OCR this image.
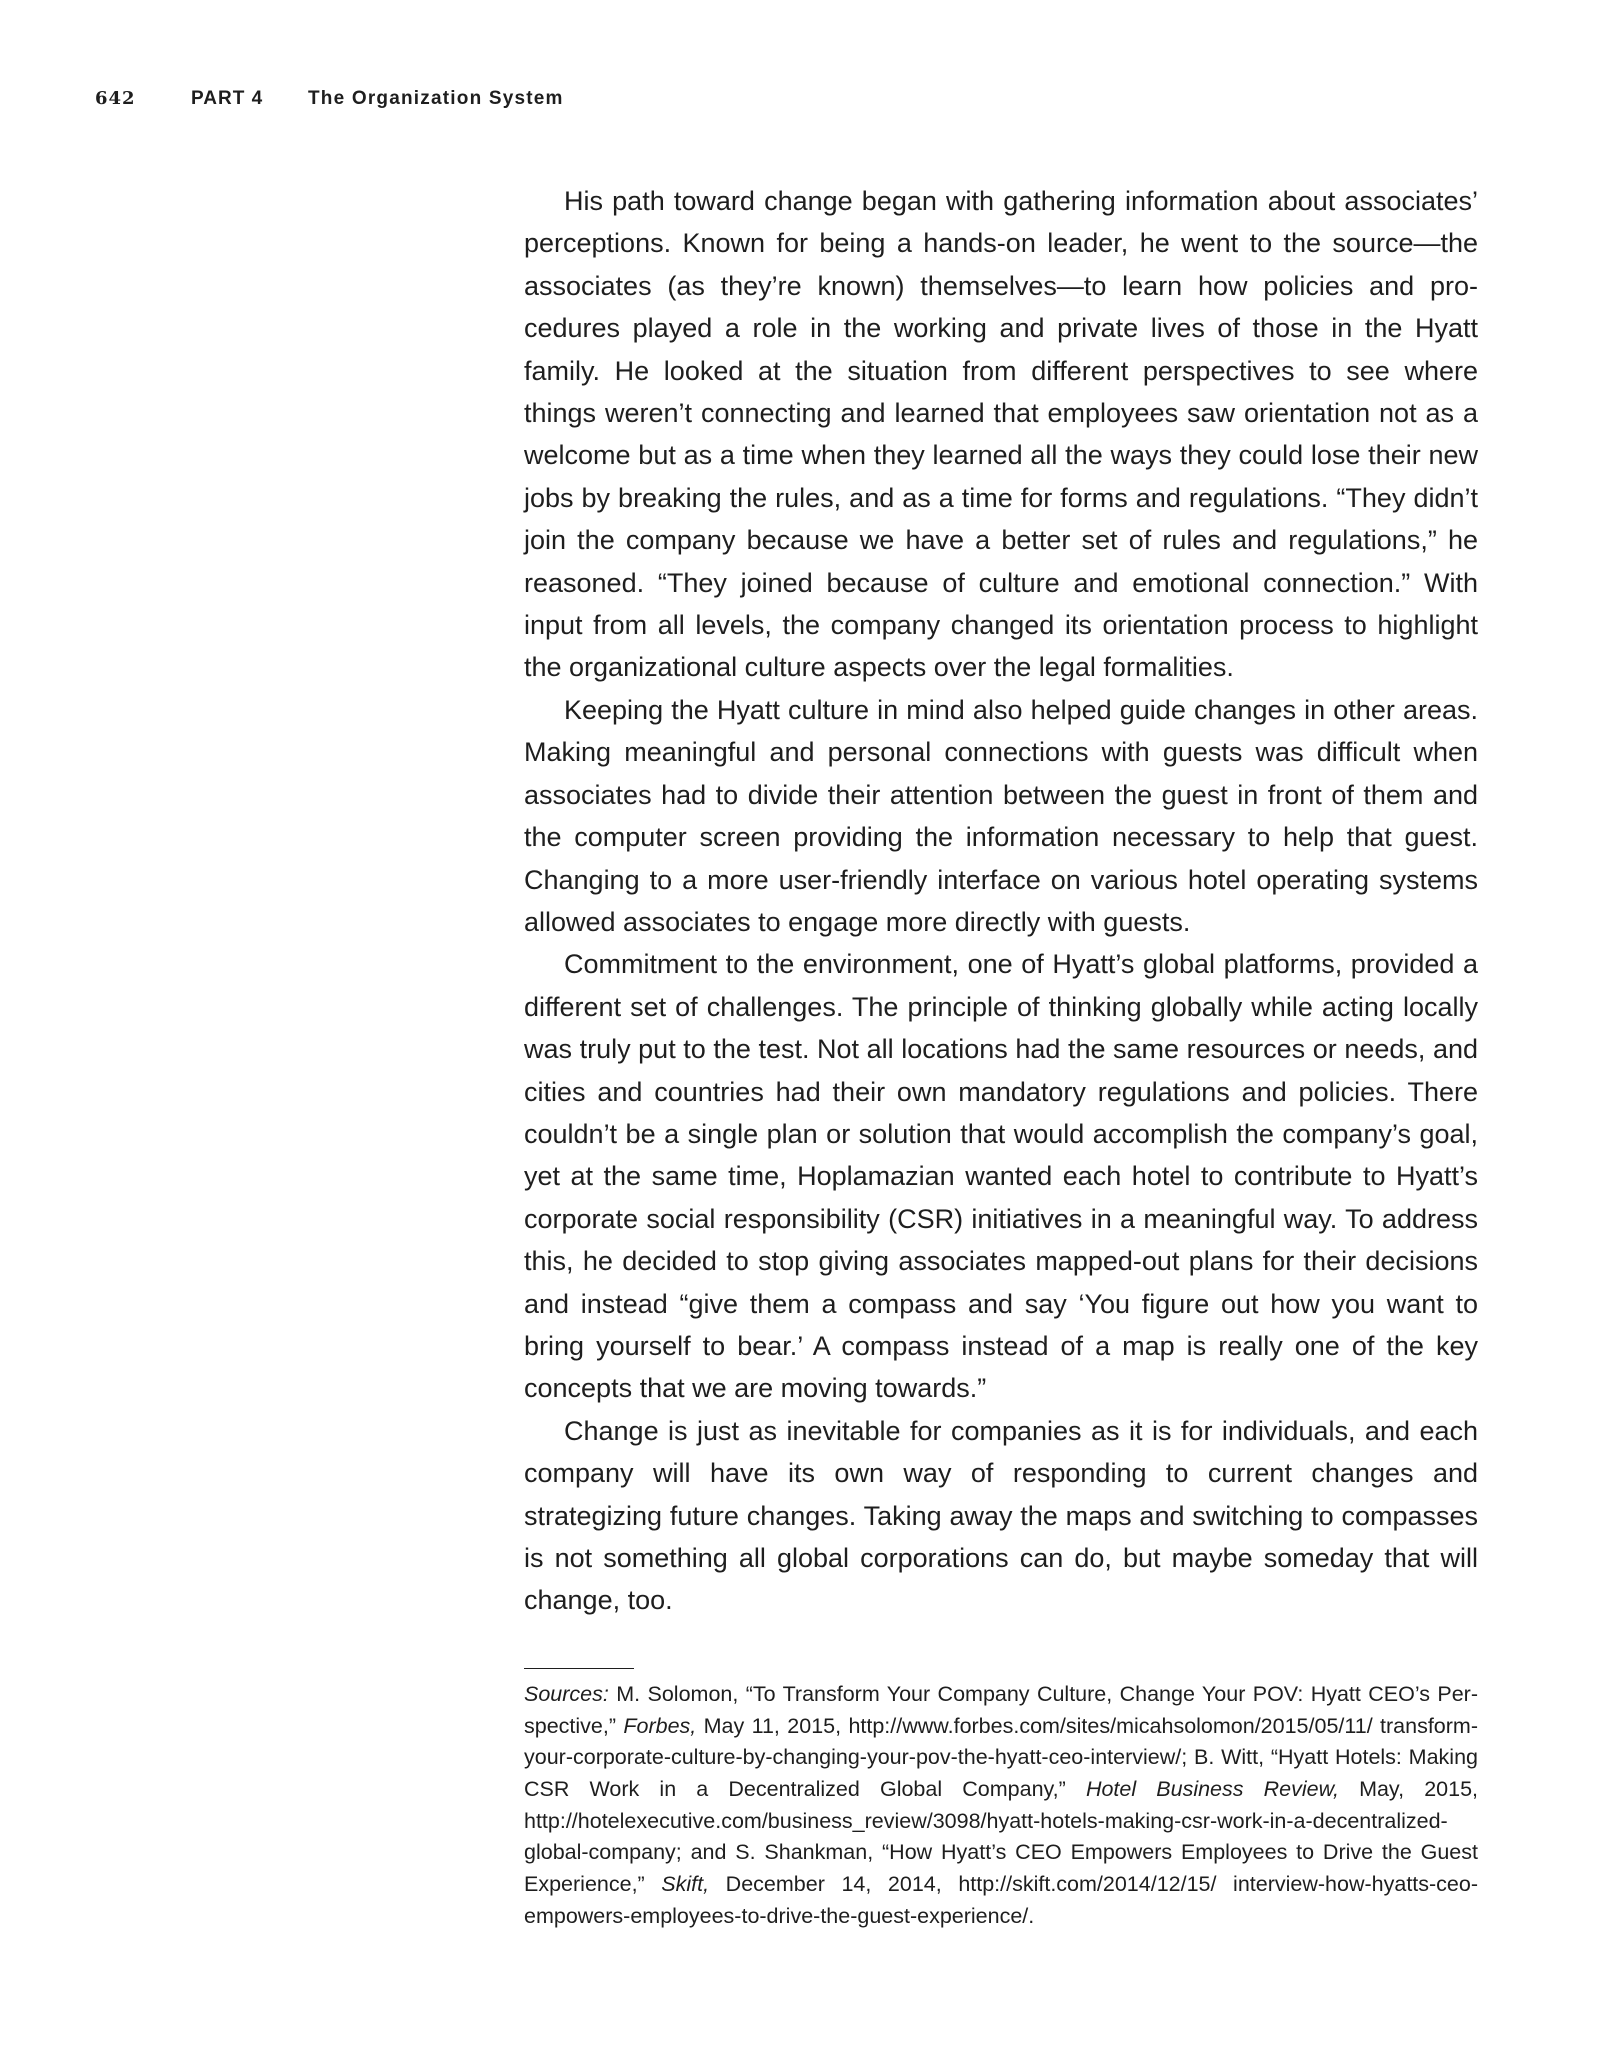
642	PART 4	The Organization System

His path toward change began with gathering information about associates’ perceptions. Known for being a hands-on leader, he went to the source—the associates (as they’re known) themselves—to learn how policies and procedures played a role in the working and private lives of those in the Hyatt family. He looked at the situation from different perspectives to see where things weren’t connecting and learned that employees saw orientation not as a welcome but as a time when they learned all the ways they could lose their new jobs by breaking the rules, and as a time for forms and regulations. “They didn’t join the company because we have a better set of rules and regulations,” he reasoned. “They joined because of culture and emotional connection.” With input from all levels, the company changed its orientation process to highlight the organizational culture aspects over the legal formalities.

Keeping the Hyatt culture in mind also helped guide changes in other areas. Making meaningful and personal connections with guests was difficult when associates had to divide their attention between the guest in front of them and the computer screen providing the information necessary to help that guest. Changing to a more user-friendly interface on various hotel operating systems allowed associates to engage more directly with guests.

Commitment to the environment, one of Hyatt’s global platforms, provided a different set of challenges. The principle of thinking globally while acting locally was truly put to the test. Not all locations had the same resources or needs, and cities and countries had their own mandatory regulations and policies. There couldn’t be a single plan or solution that would accomplish the company’s goal, yet at the same time, Hoplamazian wanted each hotel to contribute to Hyatt’s corporate social responsibility (CSR) initiatives in a meaningful way. To address this, he decided to stop giving associates mapped-out plans for their decisions and instead “give them a compass and say ‘You figure out how you want to bring yourself to bear.’ A compass instead of a map is really one of the key concepts that we are moving towards.”

Change is just as inevitable for companies as it is for individuals, and each company will have its own way of responding to current changes and strategizing future changes. Taking away the maps and switching to compasses is not something all global corporations can do, but maybe someday that will change, too.

Sources: M. Solomon, “To Transform Your Company Culture, Change Your POV: Hyatt CEO’s Perspective,” Forbes, May 11, 2015, http://www.forbes.com/sites/micahsolomon/2015/05/11/ transform-your-corporate-culture-by-changing-your-pov-the-hyatt-ceo-interview/; B. Witt, “Hyatt Hotels: Making CSR Work in a Decentralized Global Company,” Hotel Business Review, May, 2015, http://hotelexecutive.com/business_review/3098/hyatt-hotels-making-csr-work-in-a-decentralized-global-company; and S. Shankman, “How Hyatt’s CEO Empowers Employees to Drive the Guest Experience,” Skift, December 14, 2014, http://skift.com/2014/12/15/ interview-how-hyatts-ceo-empowers-employees-to-drive-the-guest-experience/.
